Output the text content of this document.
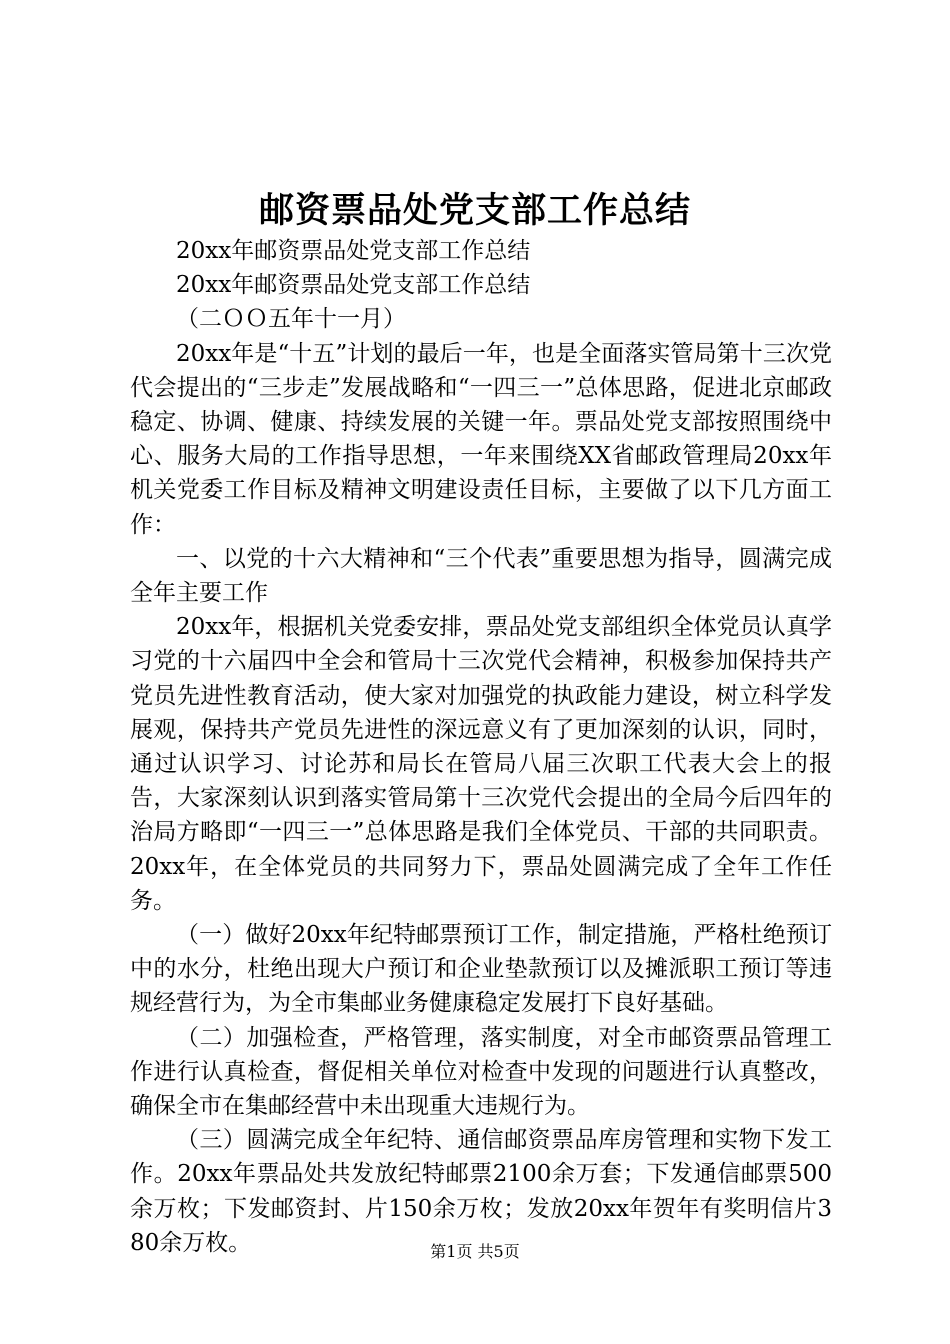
邮资票品处党支部工作总结

20xx年邮资票品处党支部工作总结

20xx年邮资票品处党支部工作总结

（二ＯＯ五年十一月）

20xx年是“十五”计划的最后一年，也是全面落实管局第十三次党代会提出的“三步走”发展战略和“一四三一”总体思路，促进北京邮政稳定、协调、健康、持续发展的关键一年。票品处党支部按照围绕中心、服务大局的工作指导思想，一年来围绕XX省邮政管理局20xx年机关党委工作目标及精神文明建设责任目标，主要做了以下几方面工作：

一、以党的十六大精神和“三个代表”重要思想为指导，圆满完成全年主要工作

20xx年，根据机关党委安排，票品处党支部组织全体党员认真学习党的十六届四中全会和管局十三次党代会精神，积极参加保持共产党员先进性教育活动，使大家对加强党的执政能力建设，树立科学发展观，保持共产党员先进性的深远意义有了更加深刻的认识，同时，通过认识学习、讨论苏和局长在管局八届三次职工代表大会上的报告，大家深刻认识到落实管局第十三次党代会提出的全局今后四年的治局方略即“一四三一”总体思路是我们全体党员、干部的共同职责。20xx年，在全体党员的共同努力下，票品处圆满完成了全年工作任务。

（一）做好20xx年纪特邮票预订工作，制定措施，严格杜绝预订中的水分，杜绝出现大户预订和企业垫款预订以及摊派职工预订等违规经营行为，为全市集邮业务健康稳定发展打下良好基础。

（二）加强检查，严格管理，落实制度，对全市邮资票品管理工作进行认真检查，督促相关单位对检查中发现的问题进行认真整改，确保全市在集邮经营中未出现重大违规行为。

（三）圆满完成全年纪特、通信邮资票品库房管理和实物下发工作。20xx年票品处共发放纪特邮票2100余万套；下发通信邮票500余万枚；下发邮资封、片150余万枚；发放20xx年贺年有奖明信片380余万枚。	第1页 共5页
